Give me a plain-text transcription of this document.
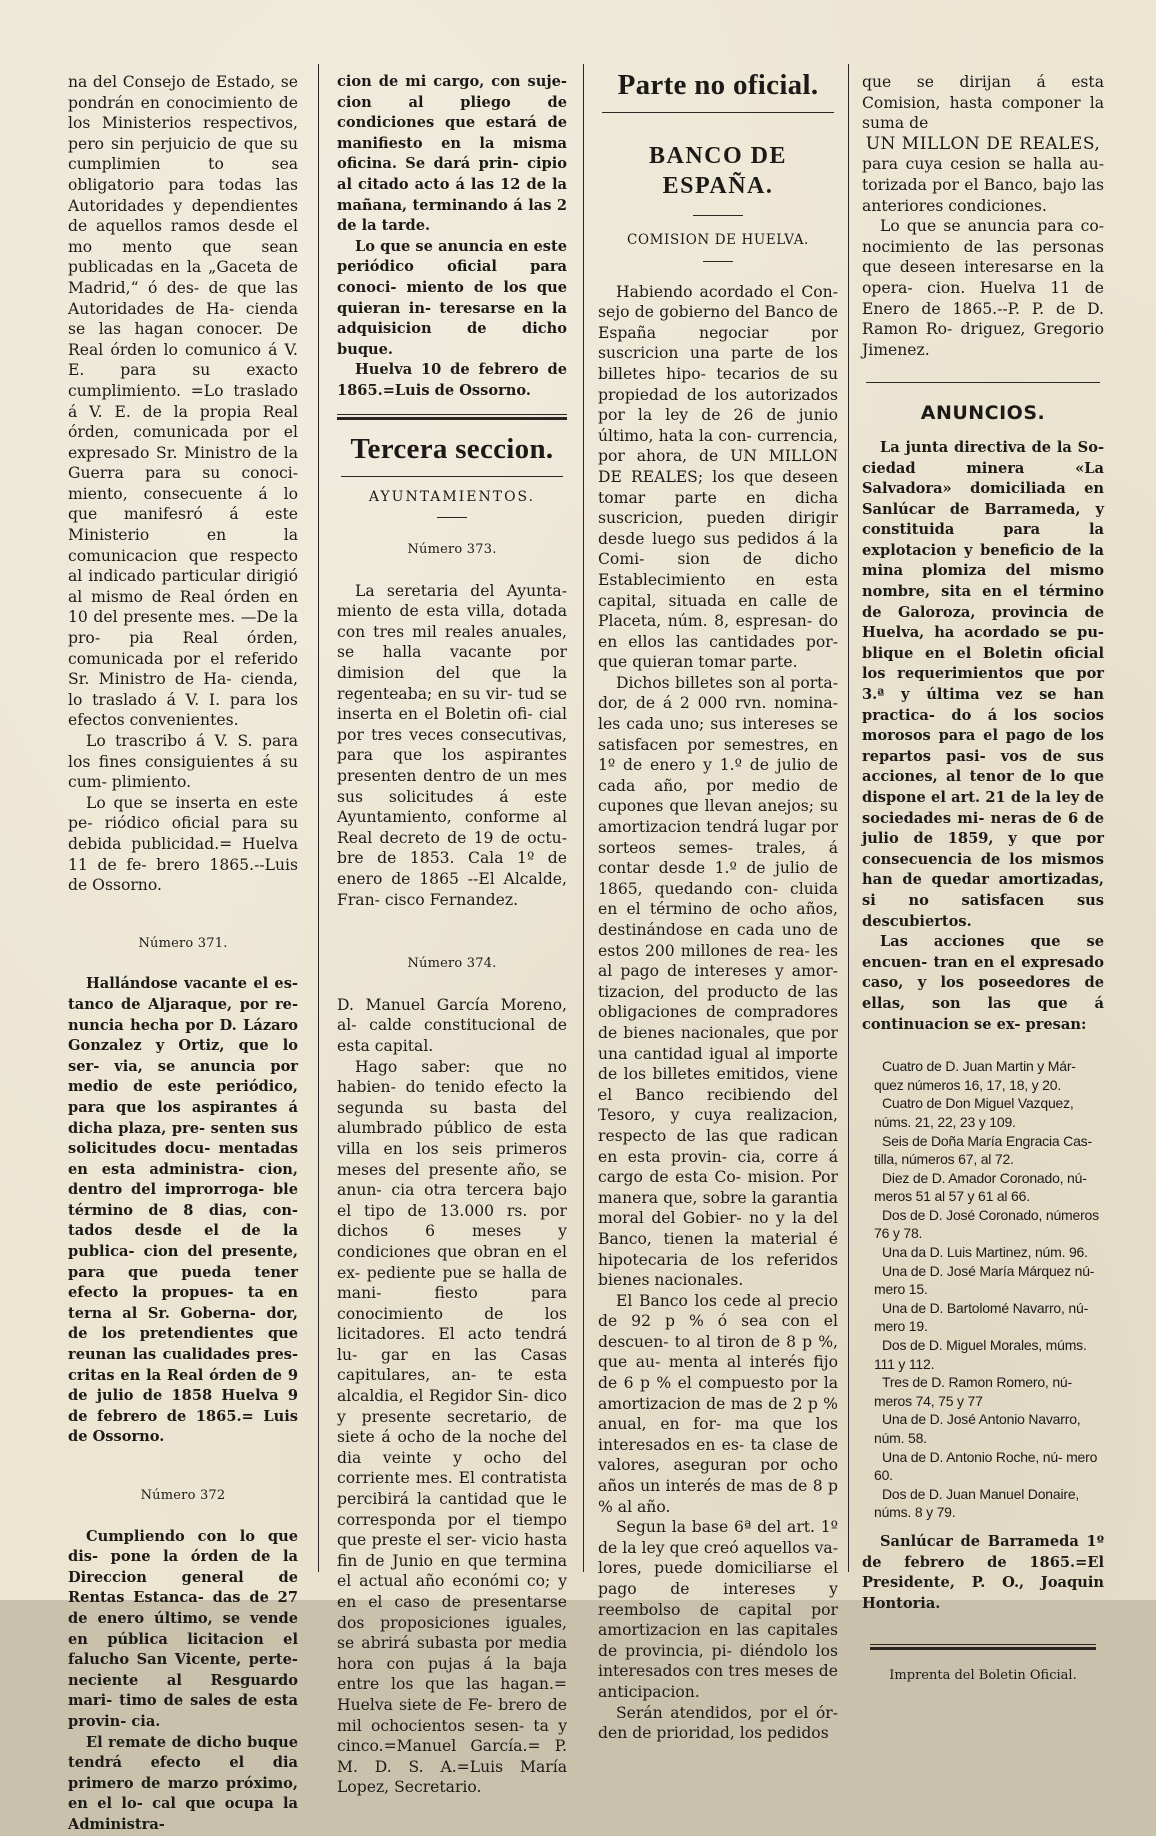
na del Consejo de Estado, se pondrán en conocimiento de los Ministerios respectivos, pero sin perjuicio de que su cumplimien to sea obligatorio para todas las Autoridades y dependientes de aquellos ramos desde el mo mento que sean publicadas en la „Gaceta de Madrid,“ ó des- de que las Autoridades de Ha- cienda se las hagan conocer. De Real órden lo comunico á V. E. para su exacto cumplimiento. =Lo traslado á V. E. de la propia Real órden, comunicada por el expresado Sr. Ministro de la Guerra para su conoci- miento, consecuente á lo que manifesró á este Ministerio en la comunicacion que respecto al indicado particular dirigió al mismo de Real órden en 10 del presente mes. —De la pro- pia Real órden, comunicada por el referido Sr. Ministro de Ha- cienda, lo traslado á V. I. para los efectos convenientes.

Lo trascribo á V. S. para los fines consiguientes á su cum- plimiento.

Lo que se inserta en este pe- riódico oficial para su debida publicidad.= Huelva 11 de fe- brero 1865.--Luis de Ossorno.

Número 371.

Hallándose vacante el es- tanco de Aljaraque, por re- nuncia hecha por D. Lázaro Gonzalez y Ortiz, que lo ser- via, se anuncia por medio de este periódico, para que los aspirantes á dicha plaza, pre- senten sus solicitudes docu- mentadas en esta administra- cion, dentro del improrroga- ble término de 8 dias, con- tados desde el de la publica- cion del presente, para que pueda tener efecto la propues- ta en terna al Sr. Goberna- dor, de los pretendientes que reunan las cualidades pres- critas en la Real órden de 9 de julio de 1858 Huelva 9 de febrero de 1865.= Luis de Ossorno.

Número 372

Cumpliendo con lo que dis- pone la órden de la Direccion general de Rentas Estanca- das de 27 de enero último, se vende en pública licitacion el falucho San Vicente, perte- neciente al Resguardo mari- timo de sales de esta provin- cia.

El remate de dicho buque tendrá efecto el dia primero de marzo próximo, en el lo- cal que ocupa la Administra-

cion de mi cargo, con suje- cion al pliego de condiciones que estará de manifiesto en la misma oficina. Se dará prin- cipio al citado acto á las 12 de la mañana, terminando á las 2 de la tarde.

Lo que se anuncia en este periódico oficial para conoci- miento de los que quieran in- teresarse en la adquisicion de dicho buque.

Huelva 10 de febrero de 1865.=Luis de Ossorno.

Tercera seccion.
AYUNTAMIENTOS.
Número 373.

La seretaria del Ayunta- miento de esta villa, dotada con tres mil reales anuales, se halla vacante por dimision del que la regenteaba; en su vir- tud se inserta en el Boletin ofi- cial por tres veces consecutivas, para que los aspirantes presenten dentro de un mes sus solicitudes á este Ayuntamiento, conforme al Real decreto de 19 de octu- bre de 1853. Cala 1º de enero de 1865 --El Alcalde, Fran- cisco Fernandez.

Número 374.

D. Manuel García Moreno, al- calde constitucional de esta capital.

Hago saber: que no habien- do tenido efecto la segunda su basta del alumbrado público de esta villa en los seis primeros meses del presente año, se anun- cia otra tercera bajo el tipo de 13.000 rs. por dichos 6 meses y condiciones que obran en el ex- pediente pue se halla de mani- fiesto para conocimiento de los licitadores. El acto tendrá lu- gar en las Casas capitulares, an- te esta alcaldia, el Regidor Sin- dico y presente secretario, de siete á ocho de la noche del dia veinte y ocho del corriente mes. El contratista percibirá la cantidad que le corresponda por el tiempo que preste el ser- vicio hasta fin de Junio en que termina el actual año económi co; y en el caso de presentarse dos proposiciones iguales, se abrirá subasta por media hora con pujas á la baja entre los que las hagan.= Huelva siete de Fe- brero de mil ochocientos sesen- ta y cinco.=Manuel García.= P. M. D. S. A.=Luis María Lopez, Secretario.

Parte no oficial.
BANCO DE ESPAÑA.
COMISION DE HUELVA.

Habiendo acordado el Con- sejo de gobierno del Banco de España negociar por suscricion una parte de los billetes hipo- tecarios de su propiedad de los autorizados por la ley de 26 de junio último, hata la con- currencia, por ahora, de UN MILLON DE REALES; los que deseen tomar parte en dicha suscricion, pueden dirigir desde luego sus pedidos á la Comi- sion de dicho Establecimiento en esta capital, situada en calle de Placeta, núm. 8, espresan- do en ellos las cantidades por- que quieran tomar parte.

Dichos billetes son al porta- dor, de á 2 000 rvn. nomina- les cada uno; sus intereses se satisfacen por semestres, en 1º de enero y 1.º de julio de cada año, por medio de cupones que llevan anejos; su amortizacion tendrá lugar por sorteos semes- trales, á contar desde 1.º de julio de 1865, quedando con- cluida en el término de ocho años, destinándose en cada uno de estos 200 millones de rea- les al pago de intereses y amor- tizacion, del producto de las obligaciones de compradores de bienes nacionales, que por una cantidad igual al importe de los billetes emitidos, viene el Banco recibiendo del Tesoro, y cuya realizacion, respecto de las que radican en esta provin- cia, corre á cargo de esta Co- mision. Por manera que, sobre la garantia moral del Gobier- no y la del Banco, tienen la material é hipotecaria de los referidos bienes nacionales.

El Banco los cede al precio de 92 p % ó sea con el descuen- to al tiron de 8 p %, que au- menta al interés fijo de 6 p % el compuesto por la amortizacion de mas de 2 p % anual, en for- ma que los interesados en es- ta clase de valores, aseguran por ocho años un interés de mas de 8 p % al año.

Segun la base 6ª del art. 1º de la ley que creó aquellos va- lores, puede domiciliarse el pago de intereses y reembolso de capital por amortizacion en las capitales de provincia, pi- diéndolo los interesados con tres meses de anticipacion.

Serán atendidos, por el ór- den de prioridad, los pedidos

que se dirijan á esta Comision, hasta componer la suma de

UN MILLON DE REALES,

para cuya cesion se halla au- torizada por el Banco, bajo las anteriores condiciones.

Lo que se anuncia para co- nocimiento de las personas que deseen interesarse en la opera- cion. Huelva 11 de Enero de 1865.--P. P. de D. Ramon Ro- driguez, Gregorio Jimenez.

ANUNCIOS.

La junta directiva de la So- ciedad minera «La Salvadora» domiciliada en Sanlúcar de Barrameda, y constituida para la explotacion y beneficio de la mina plomiza del mismo nombre, sita en el término de Galoroza, provincia de Huelva, ha acordado se pu- blique en el Boletin oficial los requerimientos que por 3.ª y última vez se han practica- do á los socios morosos para el pago de los repartos pasi- vos de sus acciones, al tenor de lo que dispone el art. 21 de la ley de sociedades mi- neras de 6 de julio de 1859, y que por consecuencia de los mismos han de quedar amortizadas, si no satisfacen sus descubiertos.

Las acciones que se encuen- tran en el expresado caso, y los poseedores de ellas, son las que á continuacion se ex- presan:

Cuatro de D. Juan Martin y Már- quez números 16, 17, 18, y 20.
Cuatro de Don Miguel Vazquez, núms. 21, 22, 23 y 109.
Seis de Doña María Engracia Cas- tilla, números 67, al 72.
Diez de D. Amador Coronado, nú- meros 51 al 57 y 61 al 66.
Dos de D. José Coronado, números 76 y 78.
Una da D. Luis Martinez, núm. 96.
Una de D. José María Márquez nú- mero 15.
Una de D. Bartolomé Navarro, nú- mero 19.
Dos de D. Miguel Morales, múms. 111 y 112.
Tres de D. Ramon Romero, nú- meros 74, 75 y 77
Una de D. José Antonio Navarro, núm. 58.
Una de D. Antonio Roche, nú- mero 60.
Dos de D. Juan Manuel Donaire, núms. 8 y 79.

Sanlúcar de Barrameda 1º de febrero de 1865.=El Presidente, P. O., Joaquin Hontoria.

Imprenta del Boletin Oficial.
